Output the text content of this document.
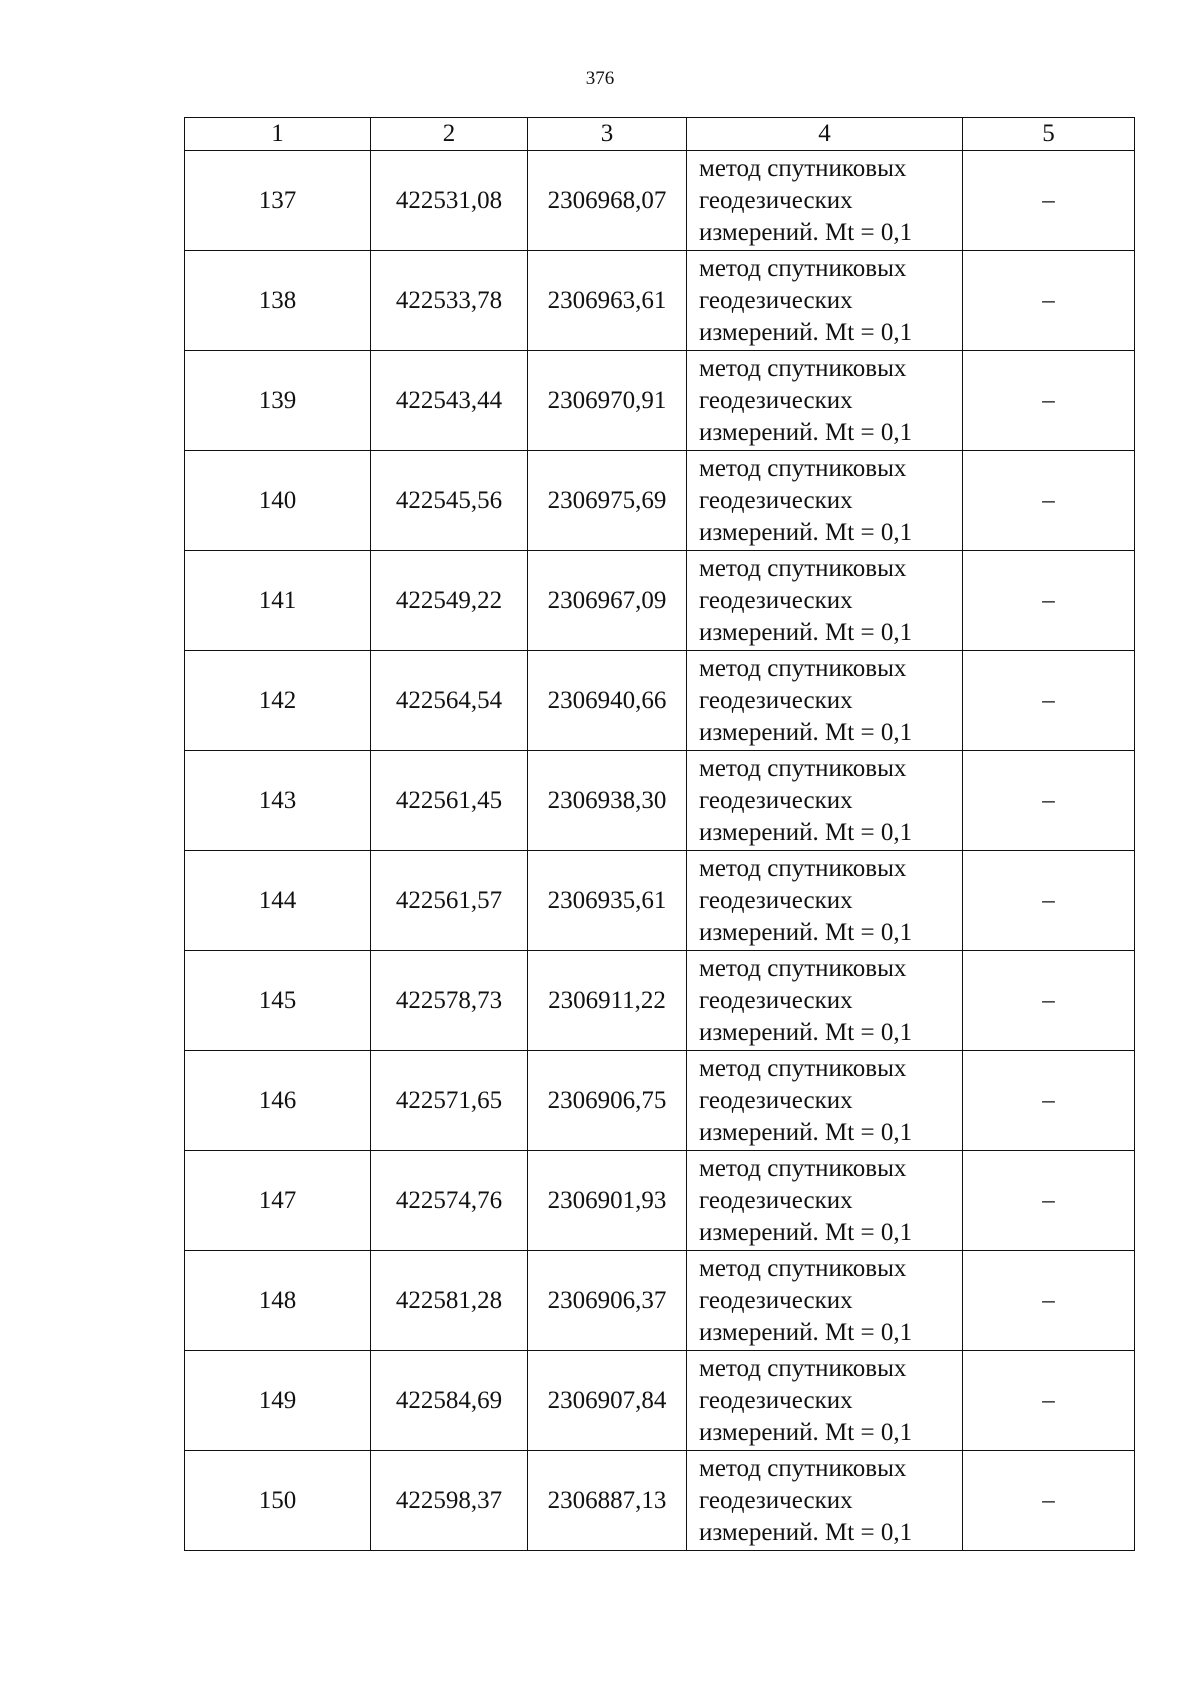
376
1	2	3	4	5
137	422531,08	2306968,07	метод спутниковых
геодезических
измерений. Mt = 0,1	–
138	422533,78	2306963,61	метод спутниковых
геодезических
измерений. Mt = 0,1	–
139	422543,44	2306970,91	метод спутниковых
геодезических
измерений. Mt = 0,1	–
140	422545,56	2306975,69	метод спутниковых
геодезических
измерений. Mt = 0,1	–
141	422549,22	2306967,09	метод спутниковых
геодезических
измерений. Mt = 0,1	–
142	422564,54	2306940,66	метод спутниковых
геодезических
измерений. Mt = 0,1	–
143	422561,45	2306938,30	метод спутниковых
геодезических
измерений. Mt = 0,1	–
144	422561,57	2306935,61	метод спутниковых
геодезических
измерений. Mt = 0,1	–
145	422578,73	2306911,22	метод спутниковых
геодезических
измерений. Mt = 0,1	–
146	422571,65	2306906,75	метод спутниковых
геодезических
измерений. Mt = 0,1	–
147	422574,76	2306901,93	метод спутниковых
геодезических
измерений. Mt = 0,1	–
148	422581,28	2306906,37	метод спутниковых
геодезических
измерений. Mt = 0,1	–
149	422584,69	2306907,84	метод спутниковых
геодезических
измерений. Mt = 0,1	–
150	422598,37	2306887,13	метод спутниковых
геодезических
измерений. Mt = 0,1	–
